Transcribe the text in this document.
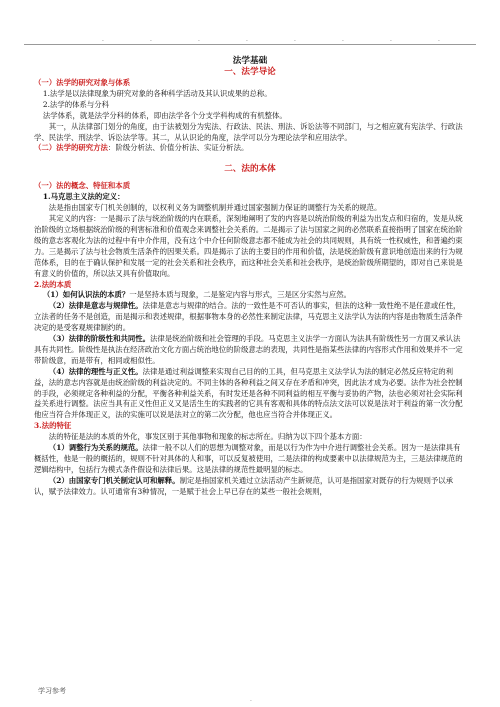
·	·	·	·	·	·	·	·

法学基础

一、法学导论

（一）法学的研究对象与体系

1.法学是以法律现象为研究对象的各种科学活动及其认识成果的总称。

2.法学的体系与分科

法学体系，就是法学分科的体系，即由法学各个分支学科构成的有机整体。

其一，从法律部门划分的角度，由于法被划分为宪法、行政法、民法、刑法、诉讼法等不同部门，与之相应就有宪法学、行政法学、民法学、刑法学、诉讼法学等。其二，从认识论的角度，法学可以分为理论法学和应用法学。

（二）法学的研究方法：阶级分析法、价值分析法、实证分析法。

二、法的本体

（一）法的概念、特征和本质

1.马克思主义法的定义：

法是指由国家专门机关创制的，以权利义务为调整机制并通过国家强制力保证的调整行为关系的规范。

其定义的内容：一是揭示了法与统治阶级的内在联系，深刻地阐明了发的内容是以统治阶级的利益为出发点和归宿的，发是从统治阶级的立场根据统治阶级的利害标准和价值观念来调整社会关系的。二是揭示了法与国家之间的必然联系直接指明了国家在统治阶级的意志客观化为法的过程中有中介作用，没有这个中介任何阶级意志都不能成为社会的共同规则，具有统一性权威性，和普遍约束力。三是揭示了法与社会物质生活条件的因果关系。四是揭示了法的主要目的作用和价值，法是统治阶级有意识地创造出来的行为规范体系，目的在于确认保护和发展一定的社会关系和社会秩序，而这种社会关系和社会秩序，是统治阶级所期望的，即对自己来说是有意义的价值的，所以法又具有价值取向。

2.法的本质

（1）如何认识法的本质？一是坚持本质与现象，二是鉴定内容与形式，三是区分实然与应然。

（2）法律是意志与规律性。法律是意志与规律的结合。法的一致性是不可否认的事实，但法的这种一致性绝不是任意或任性，立法者的任务不是创造，而是揭示和表述规律，根据事物本身的必然性来制定法律，马克思主义法学认为法的内容是由物质生活条件决定的是受客观规律制约的。

（3）法律的阶级性和共同性。法律是统治阶级和社会管理的手段。马克思主义法学一方面认为法具有阶级性另一方面又承认法具有共同性。阶级性是执法在经济政治文化方面占统治地位的阶级意志的表现，共同性是指某些法律的内容形式作用和效果并不一定带阶级意，而是带有，相同或相似性。

（4）法律的理性与正义性。法律是通过利益调整来实现自己目的的工具，但马克思主义法学认为法的制定必然反应特定的利益，法的意志内容就是由统治阶级的利益决定的。不同主体的各种利益之间又存在矛盾和冲突，因此法才成为必要。法作为社会控制的手段，必须规定各种利益的分配，平衡各种利益关系，有时发还是各种不同利益的相互平衡与妥协的产物，法也必须对社会实际利益关系进行调整。法应当具有正义性但正义又是活生生的实践者的它具有客观和具体的特点法文法可以说是法对于利益的第一次分配他应当符合并体现正义，法的实施可以说是法对立的第二次分配，他也应当符合并体现正义。

3.法的特征

法的特征是法的本质的外化，事发区别于其他事物和现象的标志所在。归纳为以下四个基本方面：

（1）调整行为关系的规范。法律一般不以人们的思想为调整对象，而是以行为作为中介进行调整社会关系。因为一是法律具有概括性，他是一般的概括的，规则不针对具体的人和事，可以反复被使用，二是法律的构成要素中以法律规范为主，三是法律规范的逻辑结构中，包括行为模式条件假设和法律后果。这是法律的规范性最明显的标志。

（2）由国家专门机关制定认可和解释。制定是指国家机关通过立法活动产生新规范，认可是指国家对既存的行为规则予以承认，赋予法律效力。认可通常有3种情况，一是赋于社会上早已存在的某些一般社会规则，

学习参考
·
